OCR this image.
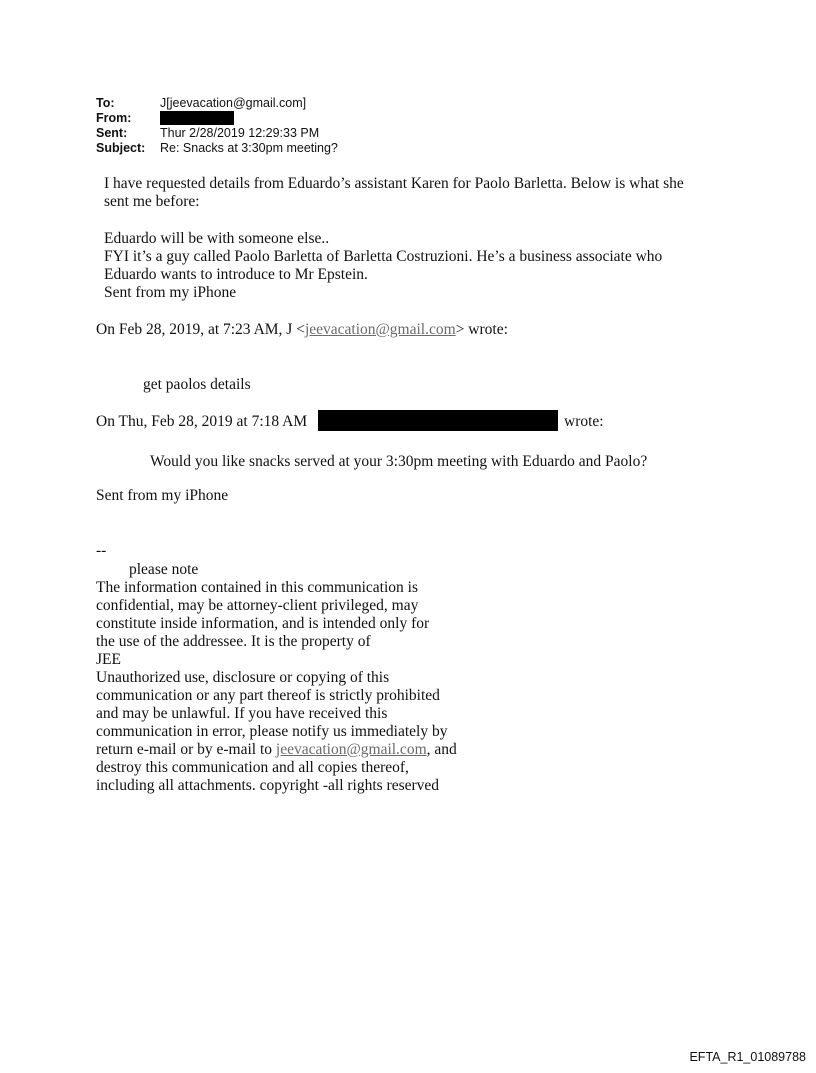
To:	J[jeevacation@gmail.com]
From:
Sent:	Thur 2/28/2019 12:29:33 PM
Subject:	Re: Snacks at 3:30pm meeting?
I have requested details from Eduardo’s assistant Karen for Paolo Barletta. Below is what she
sent me before:
Eduardo will be with someone else..
FYI it’s a guy called Paolo Barletta of Barletta Costruzioni. He’s a business associate who
Eduardo wants to introduce to Mr Epstein.
Sent from my iPhone
On Feb 28, 2019, at 7:23 AM, J <jeevacation@gmail.com> wrote:
get paolos details
On Thu, Feb 28, 2019 at 7:18 AM	wrote:
Would you like snacks served at your 3:30pm meeting with Eduardo and Paolo?
Sent from my iPhone
--
please note
The information contained in this communication is
confidential, may be attorney-client privileged, may
constitute inside information, and is intended only for
the use of the addressee. It is the property of
JEE
Unauthorized use, disclosure or copying of this
communication or any part thereof is strictly prohibited
and may be unlawful. If you have received this
communication in error, please notify us immediately by
return e-mail or by e-mail to jeevacation@gmail.com, and
destroy this communication and all copies thereof,
including all attachments. copyright -all rights reserved
EFTA_R1_01089788
